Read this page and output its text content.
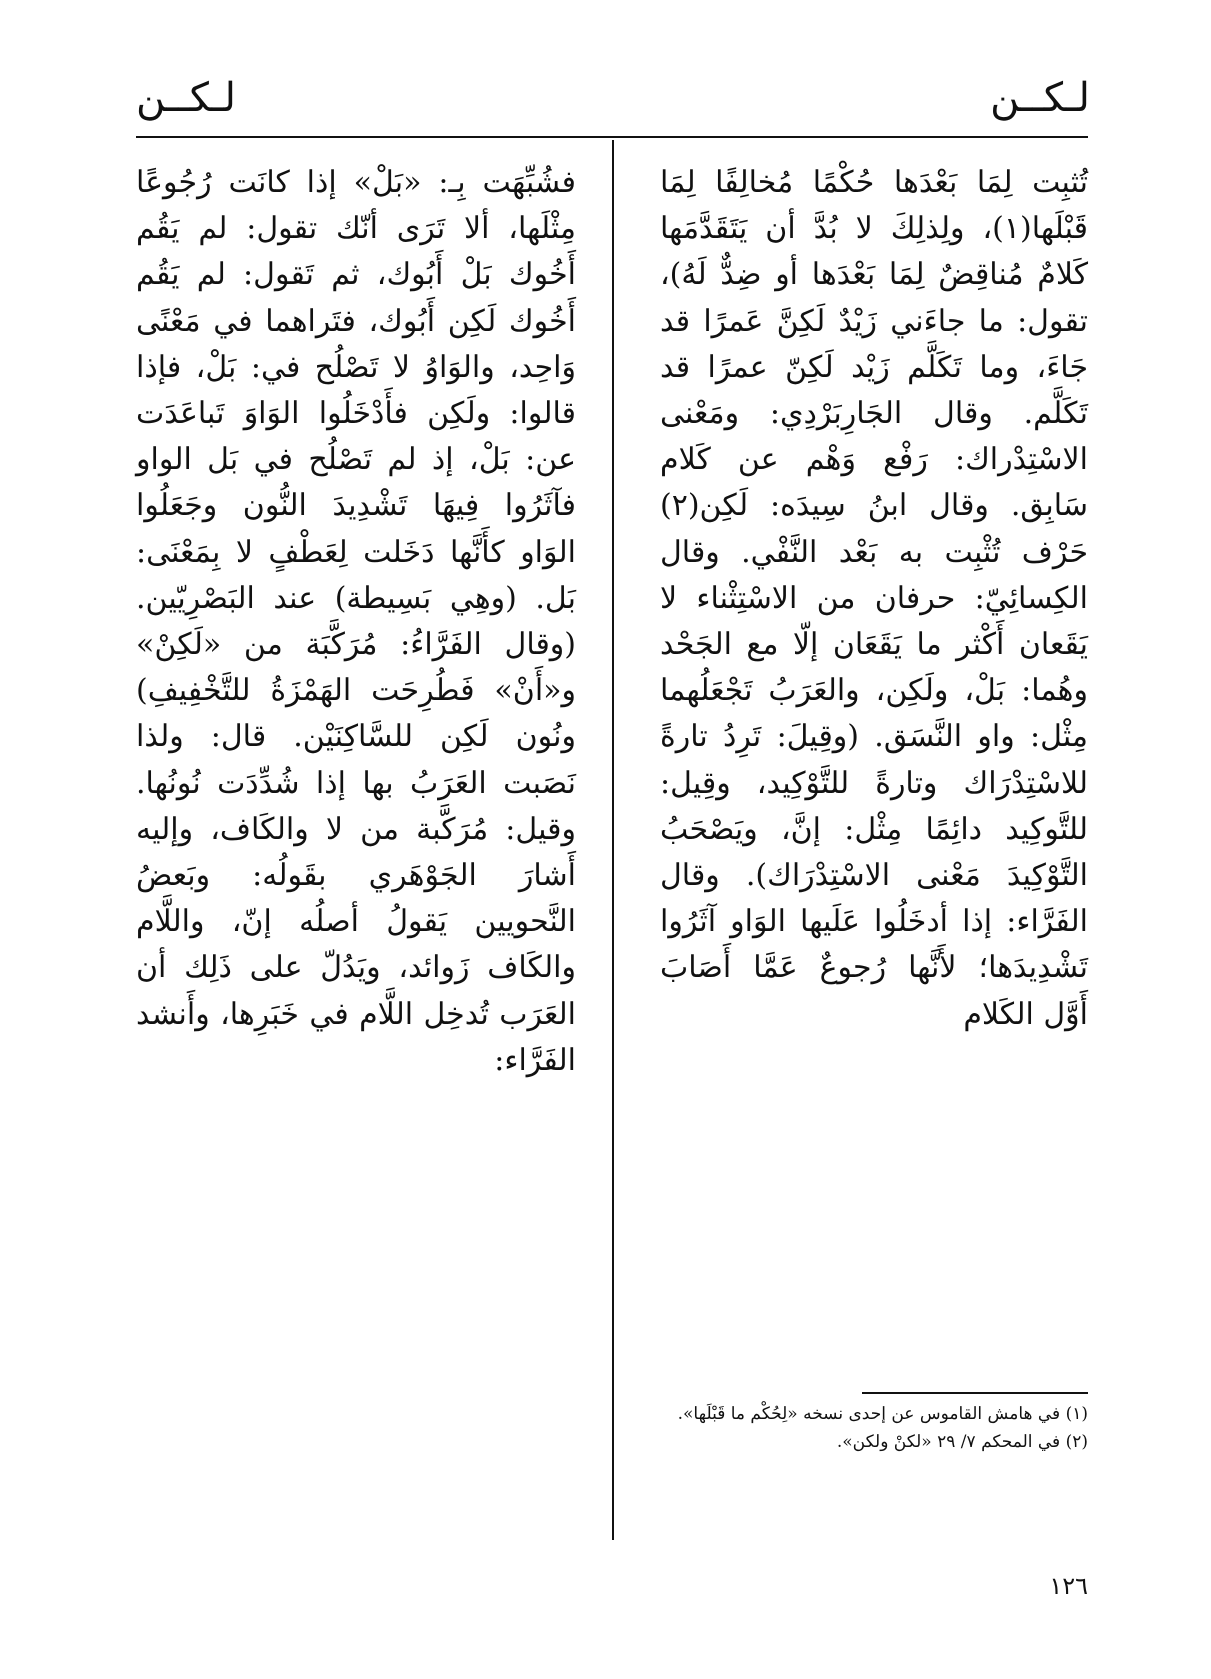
لـكــن
لـكــن

تُثبِت لِمَا بَعْدَها حُكْمًا مُخالِفًا لِمَا قَبْلَها(١)، ولِذلِكَ لا بُدَّ أن يَتَقَدَّمَها كَلامٌ مُناقِضٌ لِمَا بَعْدَها أو ضِدٌّ لَهُ)، تقول: ما جاءَني زَيْدٌ لَكِنَّ عَمرًا قد جَاءَ، وما تَكَلَّم زَيْد لَكِنّ عمرًا قد تَكَلَّم. وقال الجَارِبَرْدِي: ومَعْنى الاسْتِدْراك: رَفْع وَهْم عن كَلام سَابِق. وقال ابنُ سِيدَه: لَكِن(٢) حَرْف تُثْبِت به بَعْد النَّفْي. وقال الكِسائِيّ: حرفان من الاسْتِثْناء لا يَقَعان أَكْثر ما يَقَعَان إلّا مع الجَحْد وهُما: بَلْ، ولَكِن، والعَرَبُ تَجْعَلُهما مِثْل: واو النَّسَق. (وقِيلَ: تَرِدُ تارةً للاسْتِدْرَاك وتارةً للتَّوْكِيد، وقِيل: للتَّوكِيد دائِمًا مِثْل: إنَّ، ويَصْحَبُ التَّوْكِيدَ مَعْنى الاسْتِدْرَاك). وقال الفَرَّاء: إذا أدخَلُوا عَلَيها الوَاو آثَرُوا تَشْدِيدَها؛ لأَنَّها رُجوعٌ عَمَّا أَصَابَ أَوَّل الكَلام

فشُبِّهَت بِـ: «بَلْ» إذا كانَت رُجُوعًا مِثْلَها، ألا تَرَى أنّك تقول: لم يَقُم أَخُوك بَلْ أَبُوك، ثم تَقول: لم يَقُم أَخُوك لَكِن أَبُوك، فتَراهما في مَعْنًى وَاحِد، والوَاوُ لا تَصْلُح في: بَلْ، فإذا قالوا: ولَكِن فأَدْخَلُوا الوَاوَ تَباعَدَت عن: بَلْ، إذ لم تَصْلُح في بَل الواو فآثَرُوا فِيهَا تَشْدِيدَ النُّون وجَعَلُوا الوَاو كأَنَّها دَخَلت لِعَطْفٍ لا بِمَعْنَى: بَل. (وهِي بَسِيطة) عند البَصْرِيّين. (وقال الفَرَّاءُ: مُرَكَّبَة من «لَكِنْ» و«أَنْ» فَطُرِحَت الهَمْزَةُ للتَّخْفِيفِ) ونُون لَكِن للسَّاكِنَيْن. قال: ولذا نَصَبت العَرَبُ بها إذا شُدِّدَت نُونُها. وقيل: مُرَكَّبة من لا والكَاف، وإليه أَشارَ الجَوْهَري بقَولُه: وبَعضُ النَّحويين يَقولُ أصلُه إنّ، واللَّام والكَاف زَوائد، ويَدُلّ على ذَلِك أن العَرَب تُدخِل اللَّام في خَبَرِها، وأَنشد الفَرَّاء:

(١) في هامش القاموس عن إحدى نسخه «لِحُكْم ما قَبْلَها».

(٢) في المحكم ٧/ ٢٩ «لكنْ ولكن».

١٢٦
